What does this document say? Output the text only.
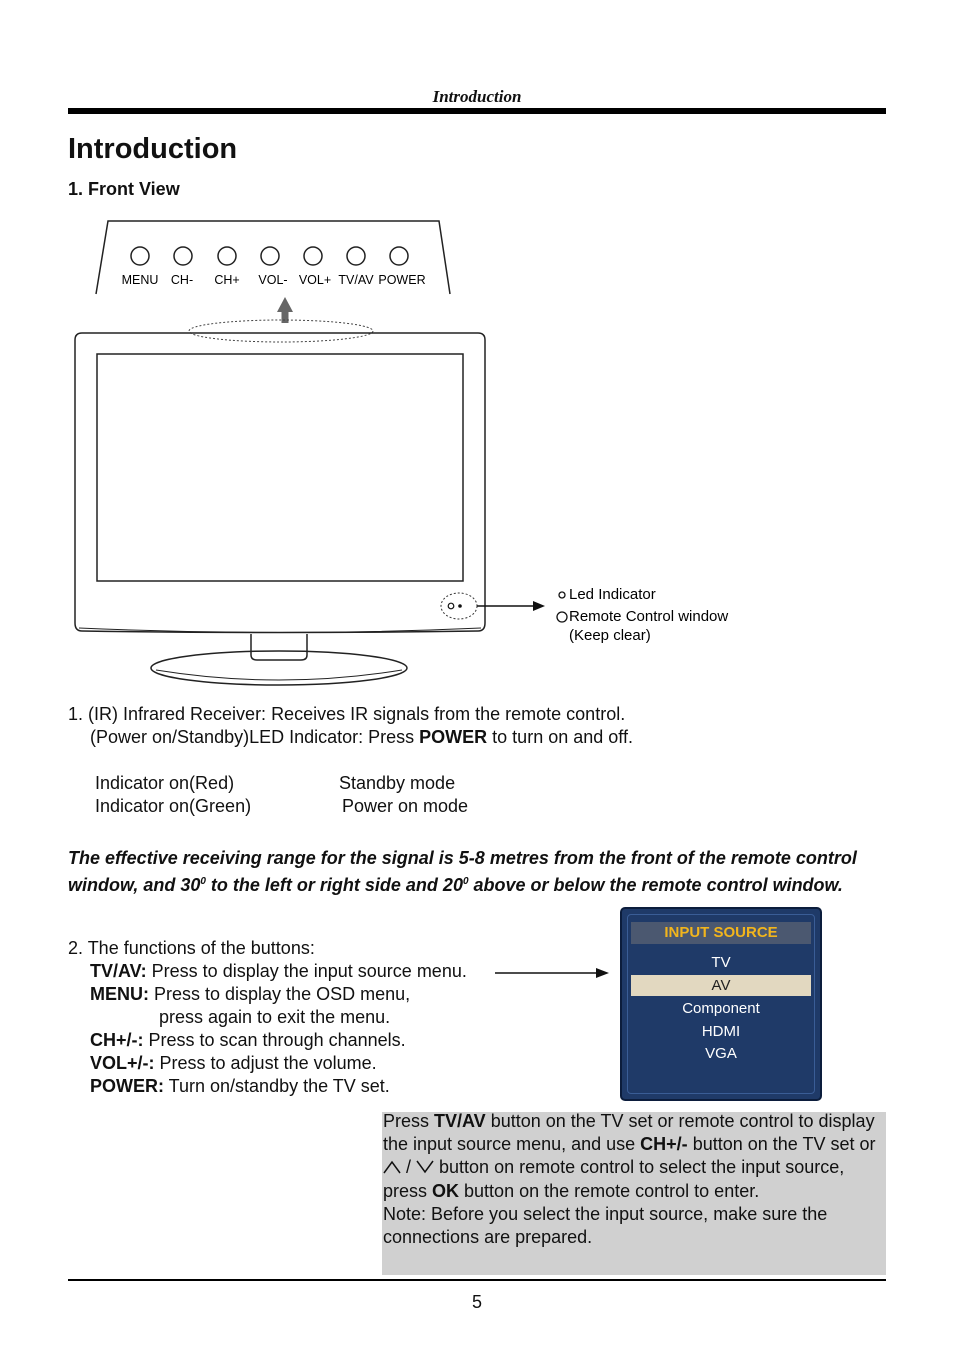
Introduction
Introduction
1. Front View
MENU CH- CH+ VOL- VOL+ TV/AV POWER
Led Indicator
Remote Control window
(Keep clear)
1. (IR) Infrared Receiver: Receives IR signals from the remote control.
(Power on/Standby)LED Indicator: Press POWER to turn on and off.
Indicator on(Red)	Standby mode
Indicator on(Green)	Power on mode
The effective receiving range for the signal is 5-8 metres from the front of the remote control window, and $30^0$ to the left or right side and $20^0$ above or below the remote control window.
2. The functions of the buttons:
TV/AV: Press to display the input source menu.
MENU: Press to display the OSD menu,
press again to exit the menu.
CH+/-: Press to scan through channels.
VOL+/-: Press to adjust the volume.
POWER: Turn on/standby the TV set.
INPUT SOURCE
TV
AV
Component
HDMI
VGA
Press TV/AV button on the TV set or remote control to display the input source menu, and use CH+/- button on the TV set or  /  button on remote control to select the input source, press OK button on the remote control to enter.
Note: Before you select the input source, make sure the connections are prepared.
5
